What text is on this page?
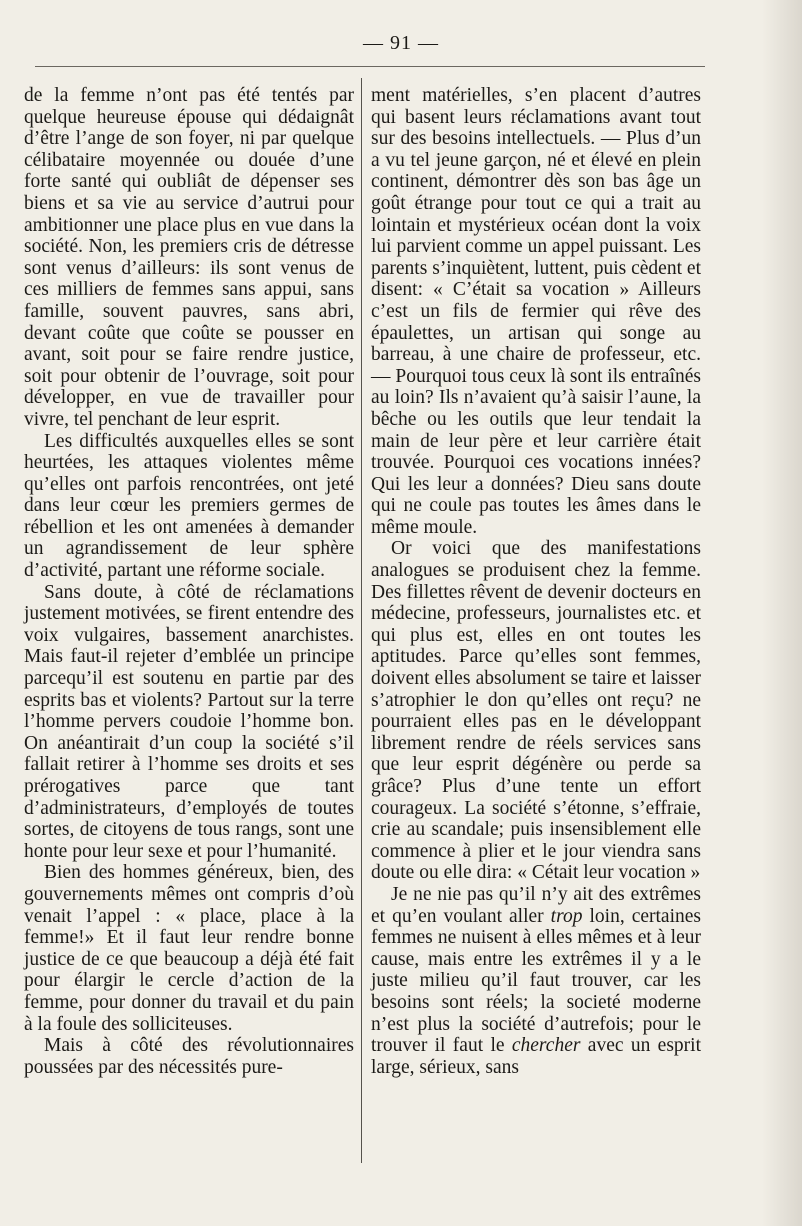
— 91 —

de la femme n’ont pas été tentés par quelque heureuse épouse qui dédaignât d’être l’ange de son foyer, ni par quelque célibataire moyennée ou douée d’une forte santé qui oubliât de dépenser ses biens et sa vie au service d’autrui pour ambitionner une place plus en vue dans la société. Non, les premiers cris de détresse sont venus d’ailleurs: ils sont venus de ces milliers de femmes sans appui, sans famille, souvent pauvres, sans abri, devant coûte que coûte se pousser en avant, soit pour se faire rendre justice, soit pour obtenir de l’ouvrage, soit pour développer, en vue de travailler pour vivre, tel penchant de leur esprit.

Les difficultés auxquelles elles se sont heurtées, les attaques violentes même qu’elles ont parfois rencontrées, ont jeté dans leur cœur les premiers germes de rébellion et les ont amenées à demander un agrandissement de leur sphère d’activité, partant une réforme sociale.

Sans doute, à côté de réclamations justement motivées, se firent entendre des voix vulgaires, bassement anarchistes. Mais faut-il rejeter d’emblée un principe parcequ’il est soutenu en partie par des esprits bas et violents? Partout sur la terre l’homme pervers coudoie l’homme bon. On anéantirait d’un coup la société s’il fallait retirer à l’homme ses droits et ses prérogatives parce que tant d’administrateurs, d’employés de toutes sortes, de citoyens de tous rangs, sont une honte pour leur sexe et pour l’humanité.

Bien des hommes généreux, bien, des gouvernements mêmes ont compris d’où venait l’appel : « place, place à la femme!» Et il faut leur rendre bonne justice de ce que beaucoup a déjà été fait pour élargir le cercle d’action de la femme, pour donner du travail et du pain à la foule des solliciteuses.

Mais à côté des révolutionnaires poussées par des nécessités pure-

ment matérielles, s’en placent d’autres qui basent leurs réclamations avant tout sur des besoins intellectuels. — Plus d’un a vu tel jeune garçon, né et élevé en plein continent, démontrer dès son bas âge un goût étrange pour tout ce qui a trait au lointain et mystérieux océan dont la voix lui parvient comme un appel puissant. Les parents s’inquiètent, luttent, puis cèdent et disent: « C’était sa vocation » Ailleurs c’est un fils de fermier qui rêve des épaulettes, un artisan qui songe au barreau, à une chaire de professeur, etc. — Pourquoi tous ceux là sont ils entraînés au loin? Ils n’avaient qu’à saisir l’aune, la bêche ou les outils que leur tendait la main de leur père et leur carrière était trouvée. Pourquoi ces vocations innées? Qui les leur a données? Dieu sans doute qui ne coule pas toutes les âmes dans le même moule.

Or voici que des manifestations analogues se produisent chez la femme. Des fillettes rêvent de devenir docteurs en médecine, professeurs, journalistes etc. et qui plus est, elles en ont toutes les aptitudes. Parce qu’elles sont femmes, doivent elles absolument se taire et laisser s’atrophier le don qu’elles ont reçu? ne pourraient elles pas en le développant librement rendre de réels services sans que leur esprit dégénère ou perde sa grâce? Plus d’une tente un effort courageux. La société s’étonne, s’effraie, crie au scandale; puis insensiblement elle commence à plier et le jour viendra sans doute ou elle dira: « Cétait leur vocation »

Je ne nie pas qu’il n’y ait des extrêmes et qu’en voulant aller trop loin, certaines femmes ne nuisent à elles mêmes et à leur cause, mais entre les extrêmes il y a le juste milieu qu’il faut trouver, car les besoins sont réels; la societé moderne n’est plus la société d’autrefois; pour le trouver il faut le chercher avec un esprit large, sérieux, sans
